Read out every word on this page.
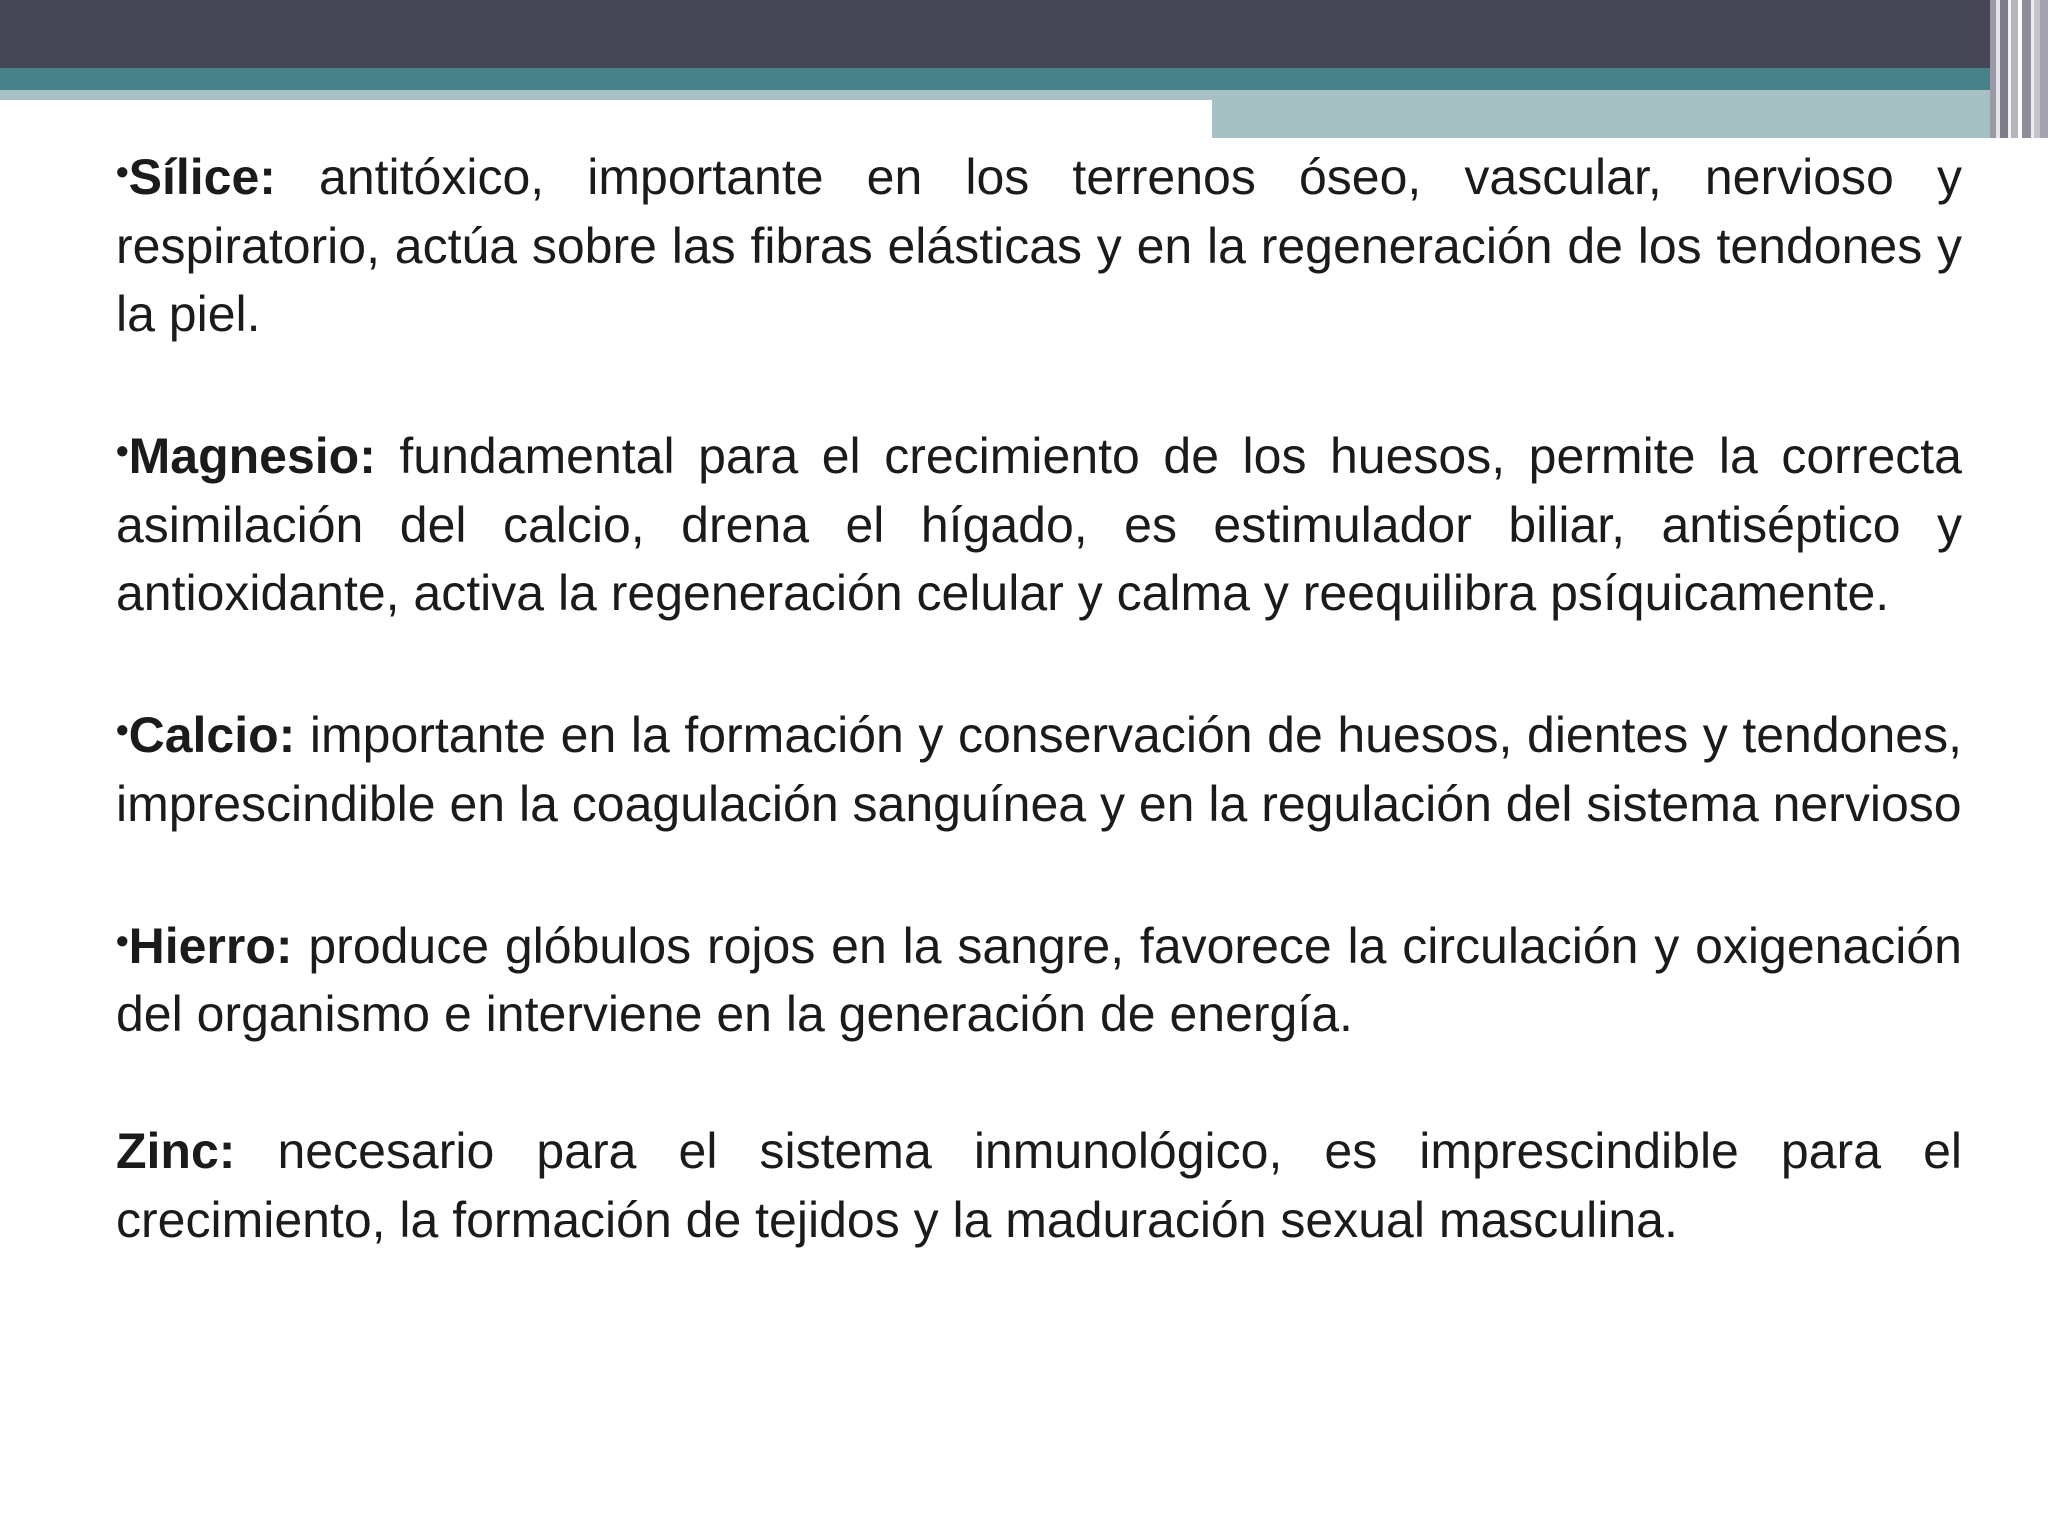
•Sílice: antitóxico, importante en los terrenos óseo, vascular, nervioso y respiratorio, actúa sobre las fibras elásticas y en la regeneración de los tendones y la piel.

•Magnesio: fundamental para el crecimiento de los huesos, permite la correcta asimilación del calcio, drena el hígado, es estimulador biliar, antiséptico y antioxidante, activa la regeneración celular y calma y reequilibra psíquicamente.

•Calcio: importante en la formación y conservación de huesos, dientes y tendones, imprescindible en la coagulación sanguínea y en la regulación del sistema nervioso

•Hierro: produce glóbulos rojos en la sangre, favorece la circulación y oxigenación del organismo e interviene en la generación de energía.

Zinc: necesario para el sistema inmunológico, es imprescindible para el crecimiento, la formación de tejidos y la maduración sexual masculina.
